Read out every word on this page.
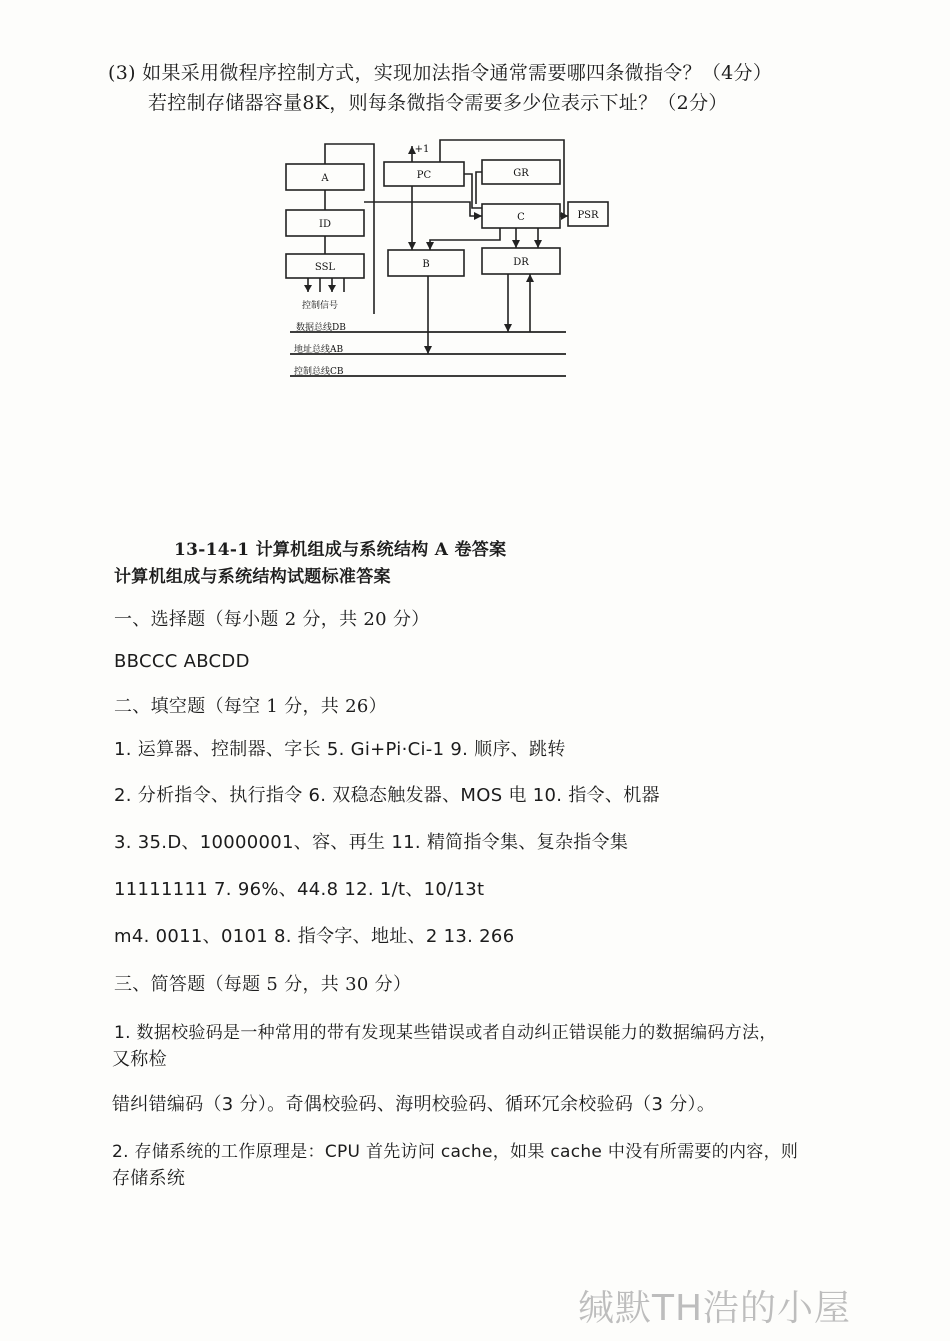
(3) 如果采用微程序控制方式，实现加法指令通常需要哪四条微指令？（4分）
若控制存储器容量8K，则每条微指令需要多少位表示下址？（2分）
A	PC	GR
ID
C	PSR
SSL	B	DR
+1
控制信号
数据总线DB
地址总线AB
控制总线CB
13-14-1 计算机组成与系统结构 A 卷答案
计算机组成与系统结构试题标准答案
一、选择题（每小题 2 分，共 20 分）
BBCCC ABCDD
二、填空题（每空 1 分，共 26）
1. 运算器、控制器、字长 5. Gi+Pi·Ci-1 9. 顺序、跳转
2. 分析指令、执行指令 6. 双稳态触发器、MOS 电 10. 指令、机器
3. 35.D、10000001、容、再生 11. 精简指令集、复杂指令集
11111111 7. 96%、44.8 12. 1/t、10/13t
m4. 0011、0101 8. 指令字、地址、2 13. 266
三、简答题（每题 5 分，共 30 分）
1. 数据校验码是一种常用的带有发现某些错误或者自动纠正错误能力的数据编码方法，
又称检
错纠错编码（3 分）。奇偶校验码、海明校验码、循环冗余校验码（3 分）。
2. 存储系统的工作原理是：CPU 首先访问 cache，如果 cache 中没有所需要的内容，则
存储系统
缄默TH浩的小屋
